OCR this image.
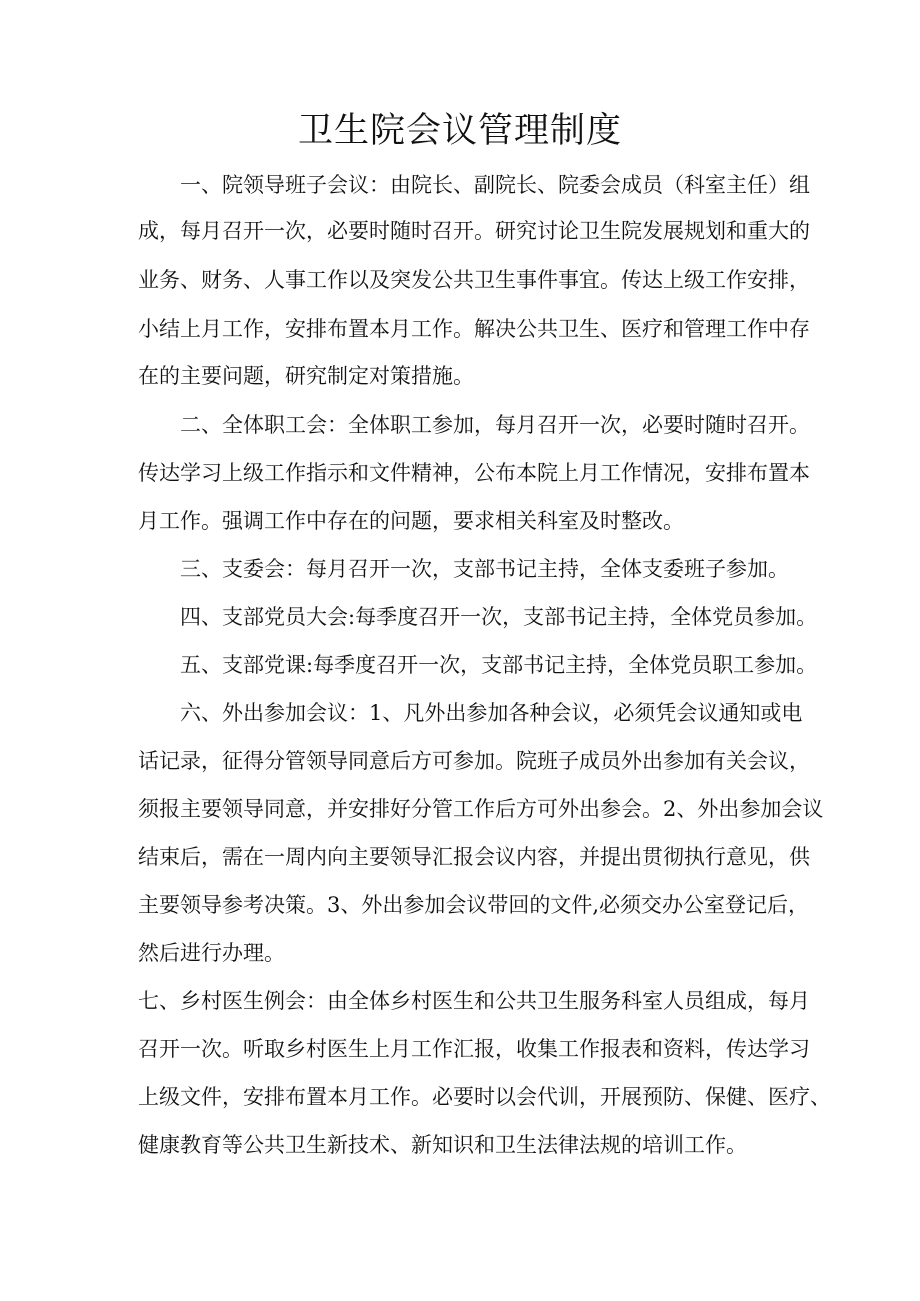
卫生院会议管理制度

一、院领导班子会议：由院长、副院长、院委会成员（科室主任）组

成，每月召开一次，必要时随时召开。研究讨论卫生院发展规划和重大的

业务、财务、人事工作以及突发公共卫生事件事宜。传达上级工作安排，

小结上月工作，安排布置本月工作。解决公共卫生、医疗和管理工作中存

在的主要问题，研究制定对策措施。

二、全体职工会：全体职工参加，每月召开一次，必要时随时召开。

传达学习上级工作指示和文件精神，公布本院上月工作情况，安排布置本

月工作。强调工作中存在的问题，要求相关科室及时整改。

三、支委会：每月召开一次，支部书记主持，全体支委班子参加。

四、支部党员大会:每季度召开一次，支部书记主持，全体党员参加。

五、支部党课:每季度召开一次，支部书记主持，全体党员职工参加。

六、外出参加会议：1、凡外出参加各种会议，必须凭会议通知或电

话记录，征得分管领导同意后方可参加。院班子成员外出参加有关会议，

须报主要领导同意，并安排好分管工作后方可外出参会。2、外出参加会议

结束后，需在一周内向主要领导汇报会议内容，并提出贯彻执行意见，供

主要领导参考决策。3、外出参加会议带回的文件,必须交办公室登记后，

然后进行办理。

七、乡村医生例会：由全体乡村医生和公共卫生服务科室人员组成，每月

召开一次。听取乡村医生上月工作汇报，收集工作报表和资料，传达学习

上级文件，安排布置本月工作。必要时以会代训，开展预防、保健、医疗、

健康教育等公共卫生新技术、新知识和卫生法律法规的培训工作。
